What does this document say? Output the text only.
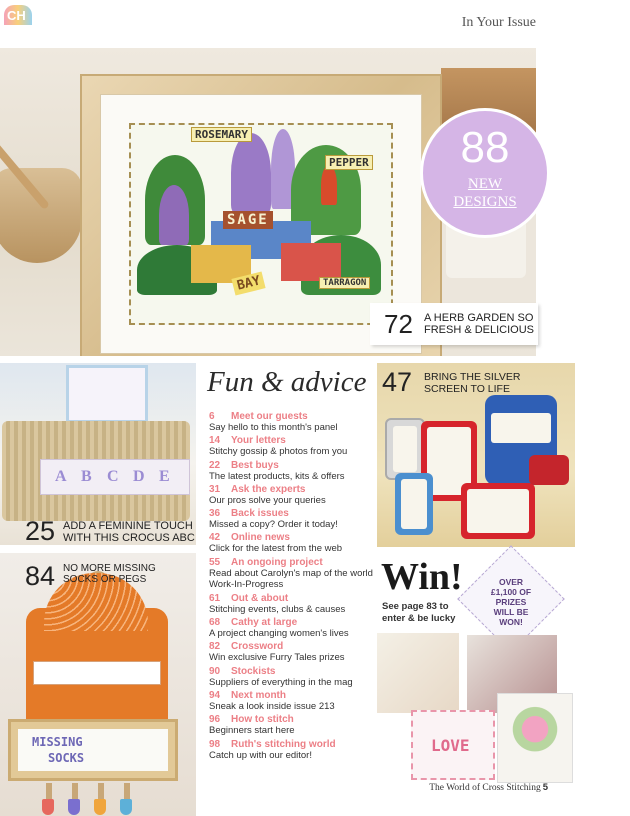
CH	In Your Issue
ROSEMARY
PEPPER
SAGE
BAY	TARRAGON
88
NEW
DESIGNS
72 A HERB GARDEN SO
FRESH & DELICIOUS
A B C D E
25 ADD A FEMININE TOUCH
WITH THIS CROCUS ABC
MISSING
SOCKS
84 NO MORE MISSING
SOCKS OR PEGS
Fun & advice
6 Meet our guests
Say hello to this month's panel
14 Your letters
Stitchy gossip & photos from you
22 Best buys
The latest products, kits & offers
31 Ask the experts
Our pros solve your queries
36 Back issues
Missed a copy? Order it today!
42 Online news
Click for the latest from the web
55 An ongoing project
Read about Carolyn's map of the world Work-In-Progress
61 Out & about
Stitching events, clubs & causes
68 Cathy at large
A project changing women's lives
82 Crossword
Win exclusive Furry Tales prizes
90 Stockists
Suppliers of everything in the mag
94 Next month
Sneak a look inside issue 213
96 How to stitch
Beginners start here
98 Ruth's stitching world
Catch up with our editor!
47 BRING THE SILVER
SCREEN TO LIFE
Win!
See page 83 to enter & be lucky
OVER
£1,100 OF
PRIZES
WILL BE
WON!
LOVE
The World of Cross Stitching 5
